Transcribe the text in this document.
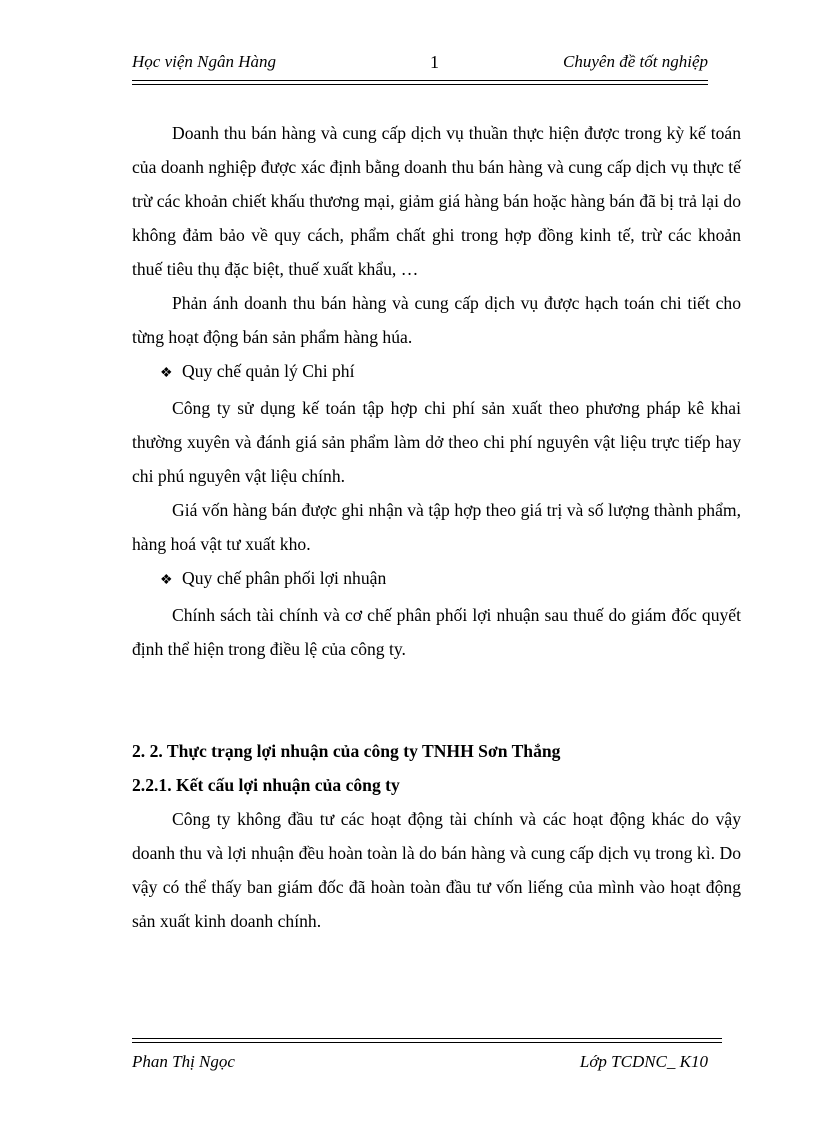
Học viện Ngân Hàng	1	Chuyên đề tốt nghiệp

Doanh thu bán hàng và cung cấp dịch vụ thuần thực hiện được trong kỳ kế toán của doanh nghiệp được xác định bằng doanh thu bán hàng và cung cấp dịch vụ thực tế trừ các khoản chiết khấu thương mại, giảm giá hàng bán hoặc hàng bán đã bị trả lại do không đảm bảo về quy cách, phẩm chất ghi trong hợp đồng kinh tế, trừ các khoản thuế tiêu thụ đặc biệt, thuế xuất khẩu, …

Phản ánh doanh thu bán hàng và cung cấp dịch vụ được hạch toán chi tiết cho từng hoạt động bán sản phẩm hàng húa.

❖ Quy chế quản lý Chi phí

Công ty sử dụng kế toán tập hợp chi phí sản xuất theo phương pháp kê khai thường xuyên và đánh giá sản phẩm làm dở theo chi phí nguyên vật liệu trực tiếp hay chi phú nguyên vật liệu chính.

Giá vốn hàng bán được ghi nhận và tập hợp theo giá trị và số lượng thành phẩm, hàng hoá vật tư xuất kho.

❖ Quy chế phân phối lợi nhuận

Chính sách tài chính và cơ chế phân phối lợi nhuận sau thuế do giám đốc quyết định thể hiện trong điều lệ của công ty.

2. 2. Thực trạng lợi nhuận của công ty TNHH Sơn Thắng

2.2.1. Kết cấu lợi nhuận của công ty

Công ty không đầu tư các hoạt động tài chính và các hoạt động khác do vậy doanh thu và lợi nhuận đều hoàn toàn là do bán hàng và cung cấp dịch vụ trong kì. Do vậy có thể thấy ban giám đốc đã hoàn toàn đầu tư vốn liếng của mình vào hoạt động sản xuất kinh doanh chính.

Phan Thị Ngọc	Lớp TCDNC_ K10
